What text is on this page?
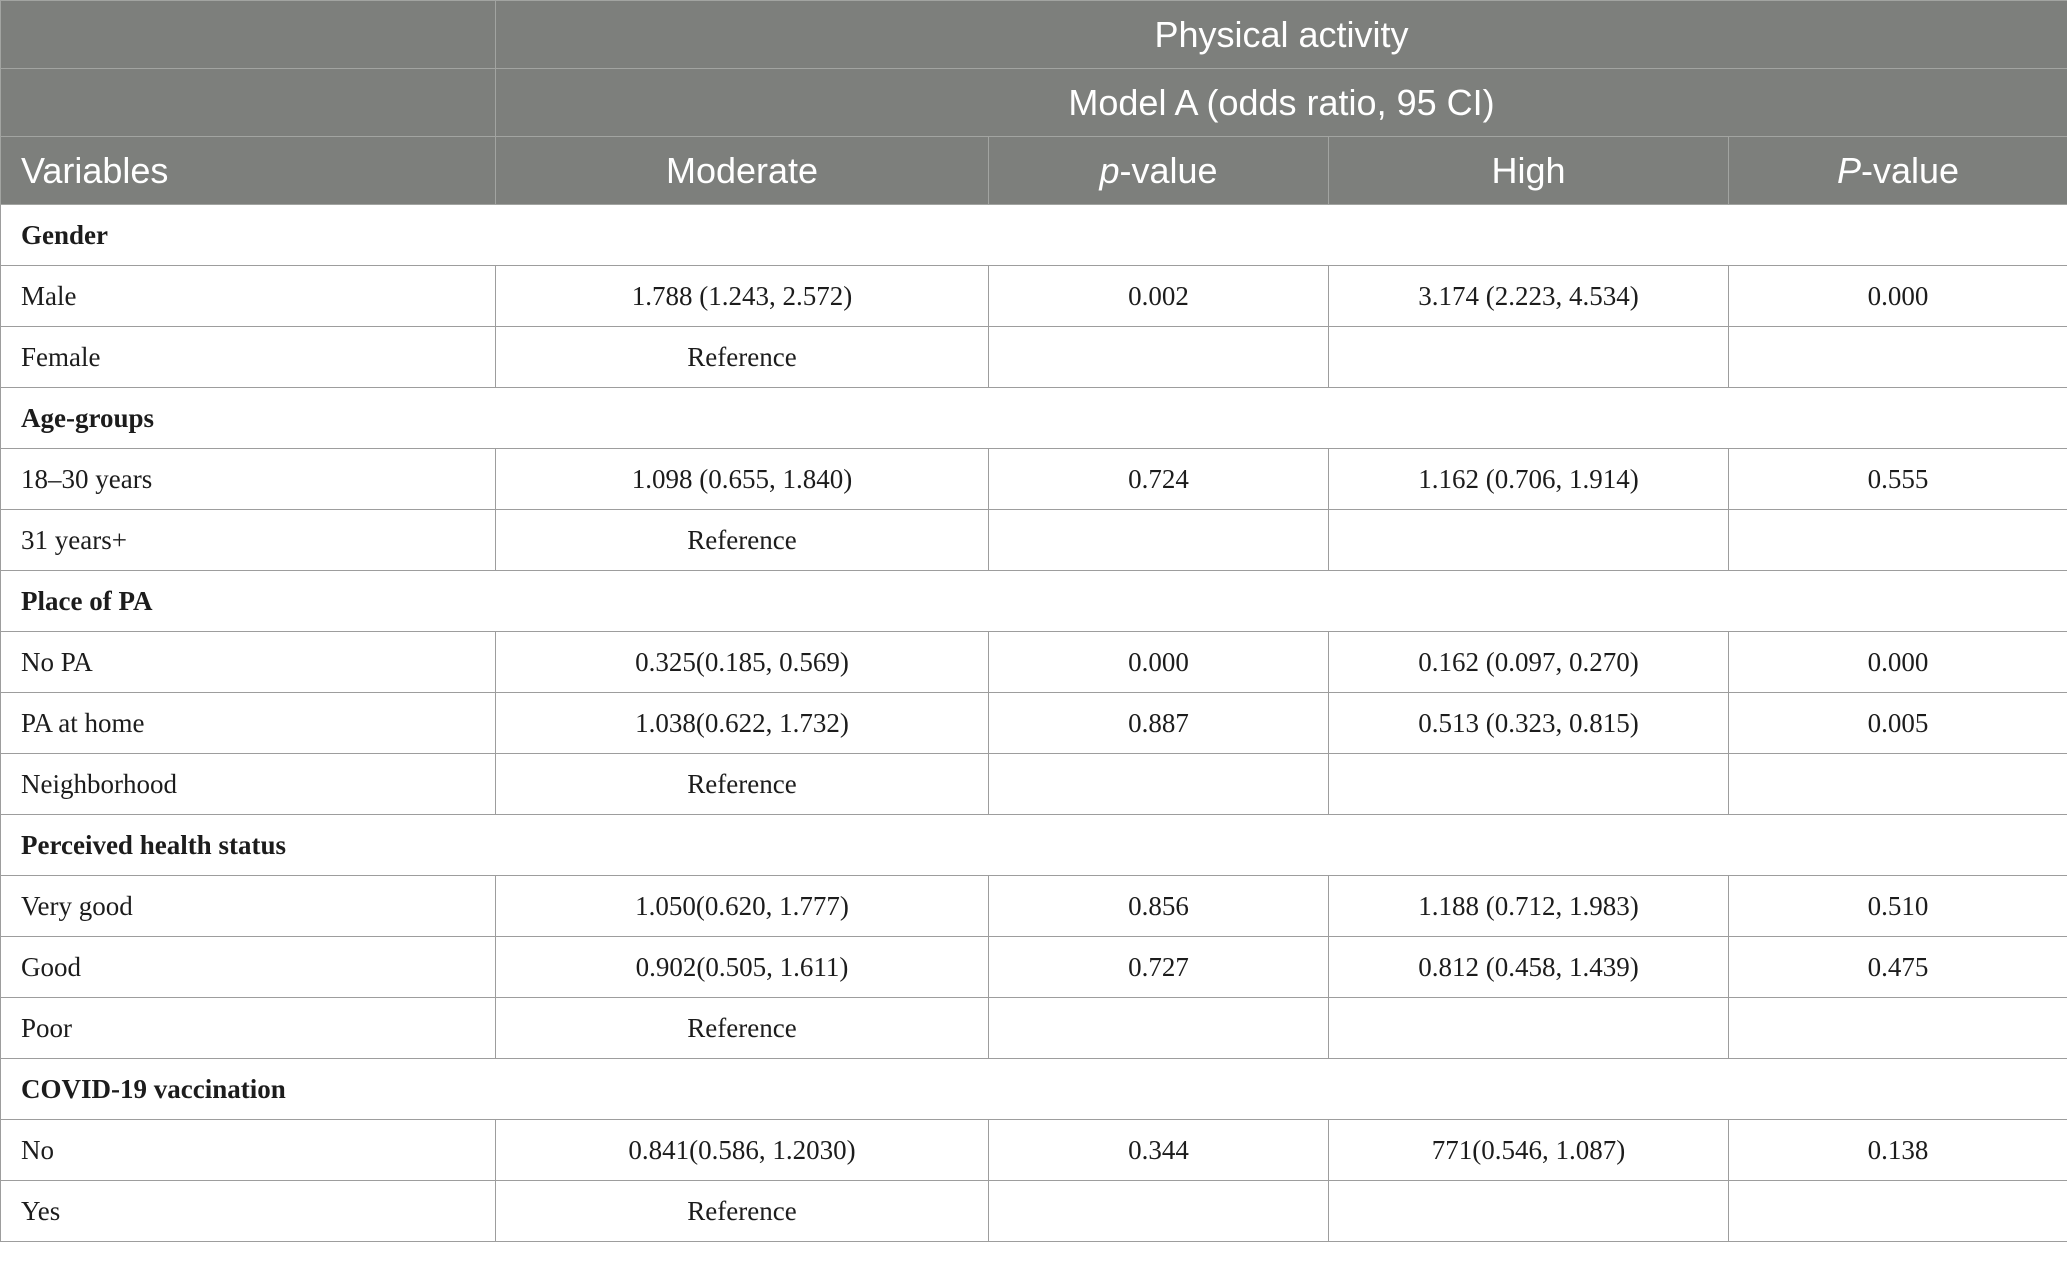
	Physical activity			
	Model A (odds ratio, 95 CI)			
Variables	Moderate	p-value	High	P-value
Gender				
Male	1.788 (1.243, 2.572)	0.002	3.174 (2.223, 4.534)	0.000
Female	Reference			
Age-groups				
18–30 years	1.098 (0.655, 1.840)	0.724	1.162 (0.706, 1.914)	0.555
31 years+	Reference			
Place of PA				
No PA	0.325(0.185, 0.569)	0.000	0.162 (0.097, 0.270)	0.000
PA at home	1.038(0.622, 1.732)	0.887	0.513 (0.323, 0.815)	0.005
Neighborhood	Reference			
Perceived health status				
Very good	1.050(0.620, 1.777)	0.856	1.188 (0.712, 1.983)	0.510
Good	0.902(0.505, 1.611)	0.727	0.812 (0.458, 1.439)	0.475
Poor	Reference			
COVID-19 vaccination				
No	0.841(0.586, 1.2030)	0.344	771(0.546, 1.087)	0.138
Yes	Reference			
